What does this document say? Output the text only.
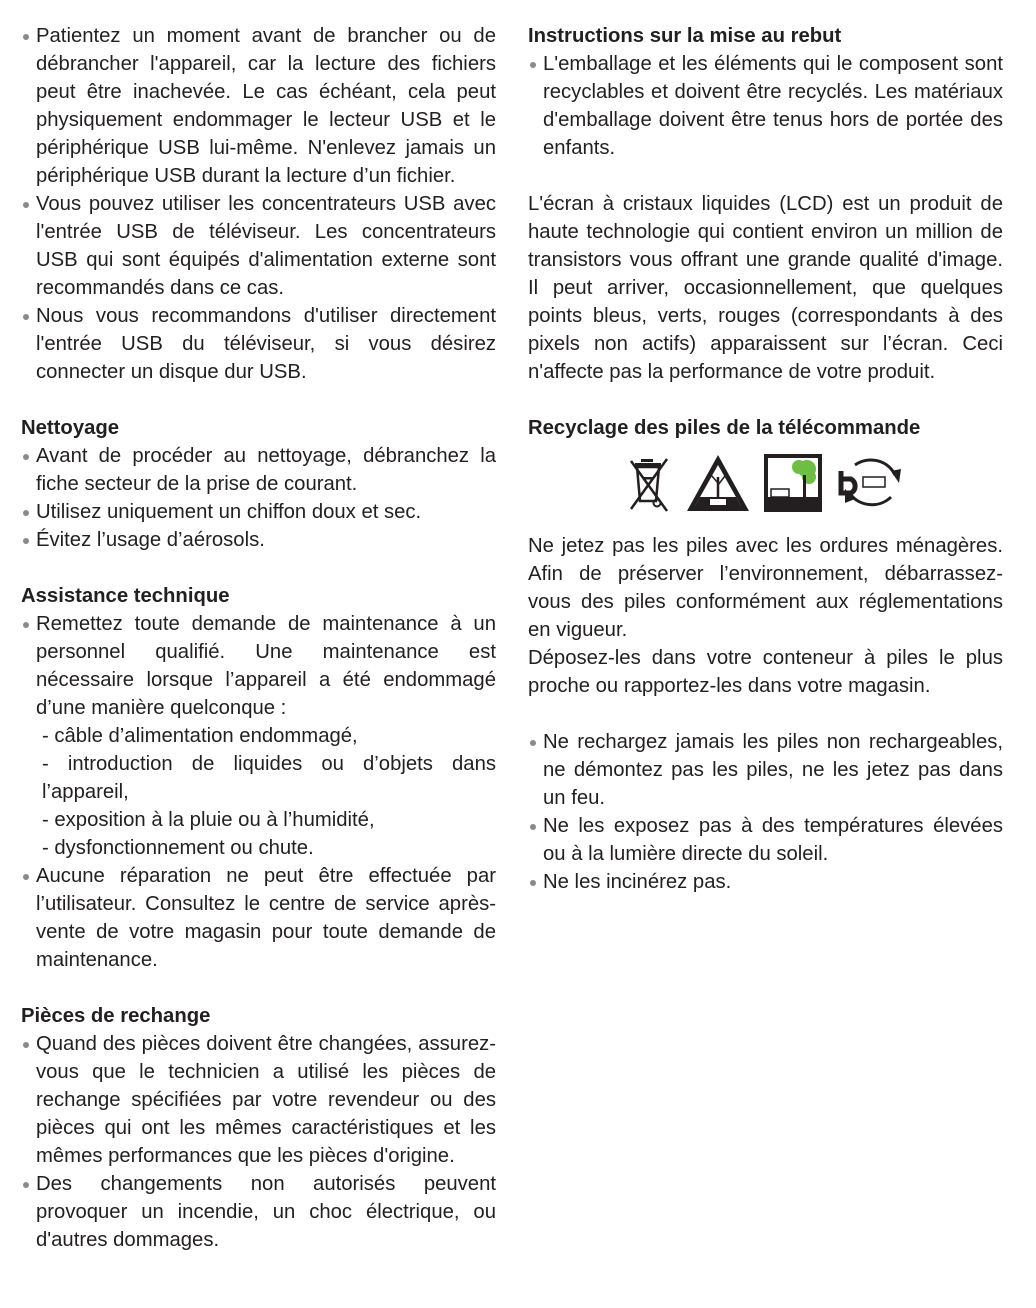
Patientez un moment avant de brancher ou de débrancher l'appareil, car la lecture des fichiers peut être inachevée. Le cas échéant, cela peut physiquement endommager le lecteur USB et le périphérique USB lui-même. N'enlevez jamais un périphérique USB durant la lecture d’un fichier.
Vous pouvez utiliser les concentrateurs USB avec l'entrée USB de téléviseur. Les concentrateurs USB qui sont équipés d'alimentation externe sont recommandés dans ce cas.
Nous vous recommandons d'utiliser directement l'entrée USB du téléviseur, si vous désirez connecter un disque dur USB.

Nettoyage

Avant de procéder au nettoyage, débranchez la fiche secteur de la prise de courant.
Utilisez uniquement un chiffon doux et sec.
Évitez l’usage d’aérosols.

Assistance technique

Remettez toute demande de maintenance à un personnel qualifié. Une maintenance est nécessaire lorsque l’appareil a été endommagé d’une manière quelconque :
- câble d’alimentation endommagé,
- introduction de liquides ou d’objets dans l’appareil,
- exposition à la pluie ou à l’humidité,
- dysfonctionnement ou chute.
Aucune réparation ne peut être effectuée par l’utilisateur. Consultez le centre de service après-vente de votre magasin pour toute demande de maintenance.

Pièces de rechange

Quand des pièces doivent être changées, assurez-vous que le technicien a utilisé les pièces de rechange spécifiées par votre revendeur ou des pièces qui ont les mêmes caractéristiques et les mêmes performances que les pièces d'origine.
Des changements non autorisés peuvent provoquer un incendie, un choc électrique, ou d'autres dommages.

Instructions sur la mise au rebut

L'emballage et les éléments qui le composent sont recyclables et doivent être recyclés. Les matériaux d'emballage doivent être tenus hors de portée des enfants.

L'écran à cristaux liquides (LCD) est un produit de haute technologie qui contient environ un million de transistors vous offrant une grande qualité d'image. Il peut arriver, occasionnellement, que quelques points bleus, verts, rouges (correspondants à des pixels non actifs) apparaissent sur l’écran. Ceci n'affecte pas la performance de votre produit.

Recyclage des piles de la télécommande

Ne jetez pas les piles avec les ordures ménagères. Afin de préserver l’environnement, débarrassez-vous des piles conformément aux réglementations en vigueur.

Déposez-les dans votre conteneur à piles le plus proche ou rapportez-les dans votre magasin.

Ne rechargez jamais les piles non rechargeables, ne démontez pas les piles, ne les jetez pas dans un feu.
Ne les exposez pas à des températures élevées ou à la lumière directe du soleil.
Ne les incinérez pas.
